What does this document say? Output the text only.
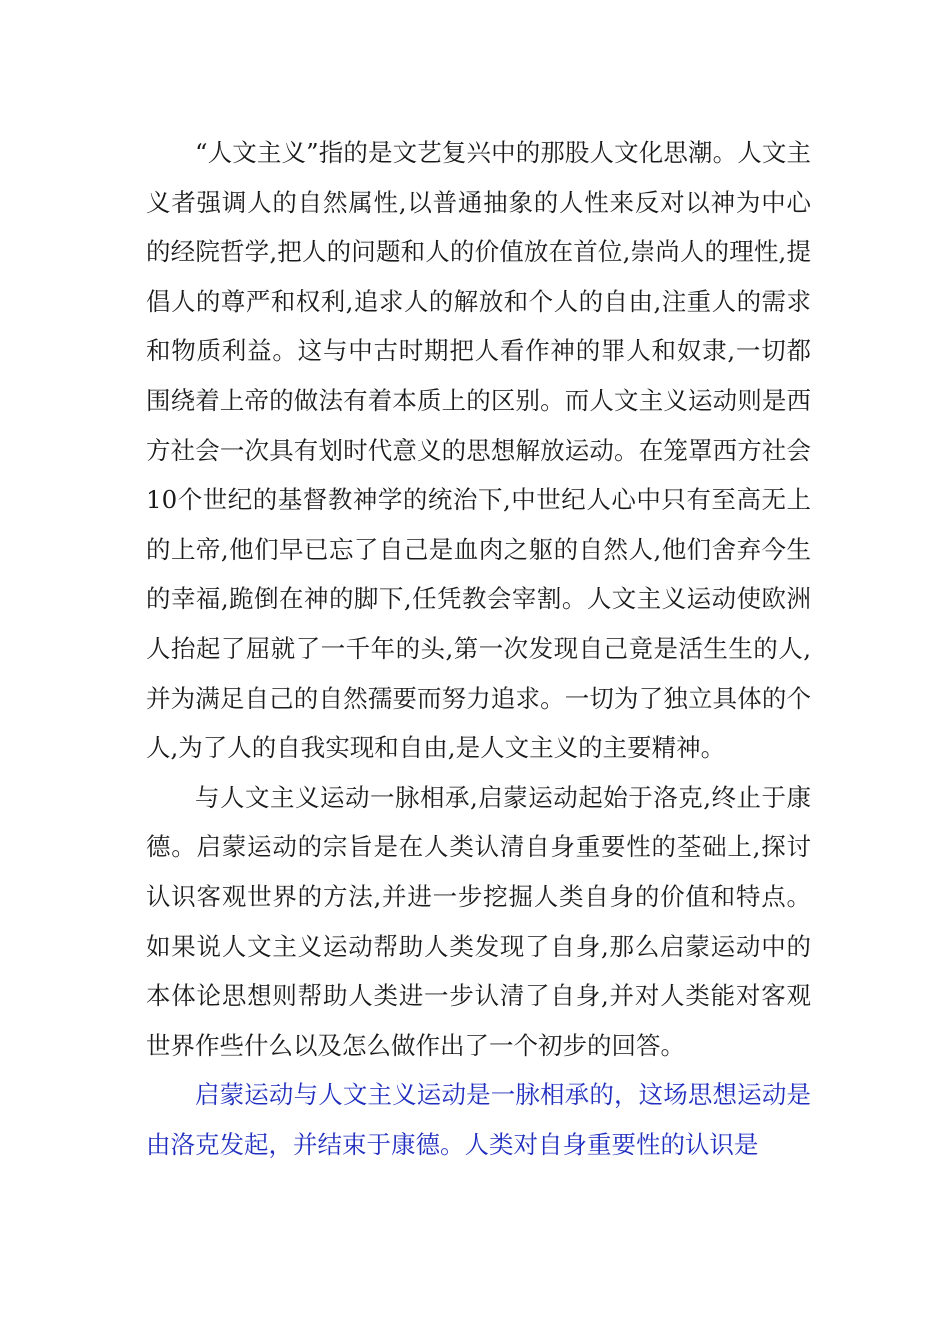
“人文主义”指的是文艺复兴中的那股人文化思潮。人文主义者强调人的自然属性,以普通抽象的人性来反对以神为中心的经院哲学,把人的问题和人的价值放在首位,崇尚人的理性,提倡人的尊严和权利,追求人的解放和个人的自由,注重人的需求和物质利益。这与中古时期把人看作神的罪人和奴隶,一切都围绕着上帝的做法有着本质上的区别。而人文主义运动则是西方社会一次具有划时代意义的思想解放运动。在笼罩西方社会10个世纪的基督教神学的统治下,中世纪人心中只有至高无上的上帝,他们早已忘了自己是血肉之躯的自然人,他们舍弃今生的幸福,跪倒在神的脚下,任凭教会宰割。人文主义运动使欧洲人抬起了屈就了一千年的头,第一次发现自己竟是活生生的人,并为满足自己的自然孺要而努力追求。一切为了独立具体的个人,为了人的自我实现和自由,是人文主义的主要精神。

与人文主义运动一脉相承,启蒙运动起始于洛克,终止于康德。启蒙运动的宗旨是在人类认清自身重要性的荃础上,探讨认识客观世界的方法,并进一步挖掘人类自身的价值和特点。如果说人文主义运动帮助人类发现了自身,那么启蒙运动中的本体论思想则帮助人类进一步认清了自身,并对人类能对客观世界作些什么以及怎么做作出了一个初步的回答。

启蒙运动与人文主义运动是一脉相承的，这场思想运动是由洛克发起，并结束于康德。人类对自身重要性的认识是
